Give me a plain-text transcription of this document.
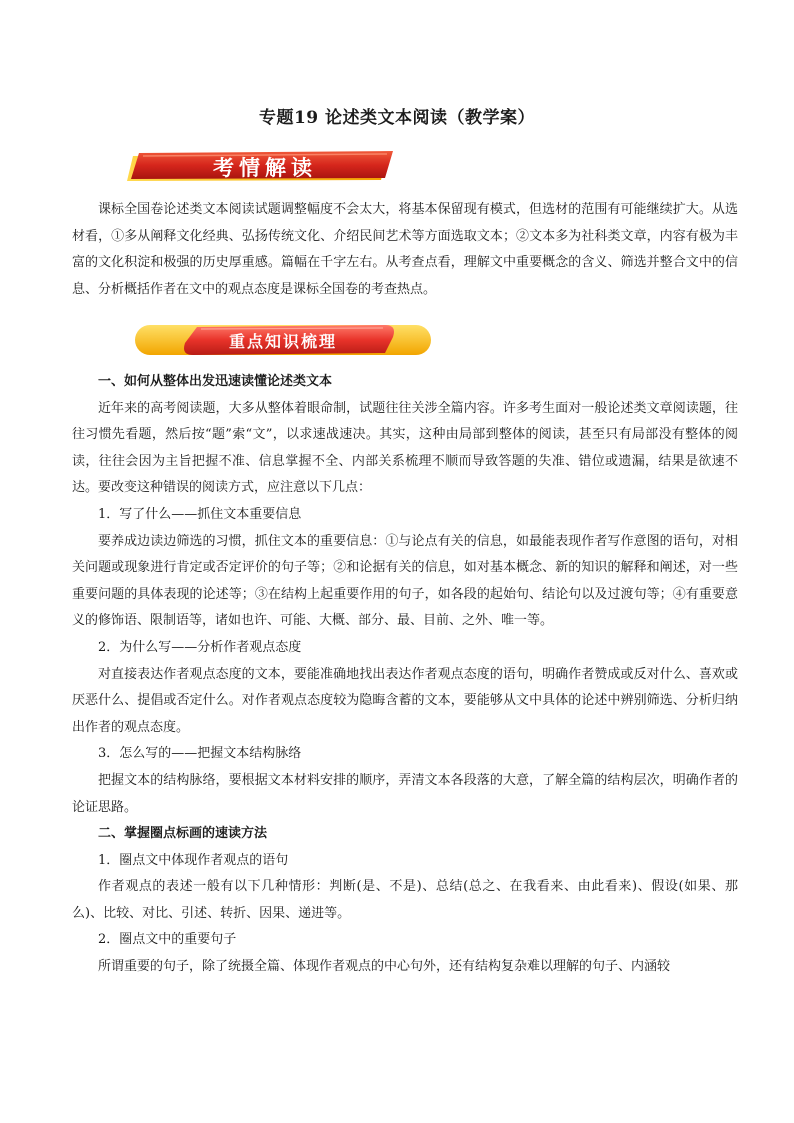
专题19 论述类文本阅读（教学案）
考情解读
课标全国卷论述类文本阅读试题调整幅度不会太大，将基本保留现有模式，但选材的范围有可能继续扩大。从选材看，①多从阐释文化经典、弘扬传统文化、介绍民间艺术等方面选取文本；②文本多为社科类文章，内容有极为丰富的文化积淀和极强的历史厚重感。篇幅在千字左右。从考查点看，理解文中重要概念的含义、筛选并整合文中的信息、分析概括作者在文中的观点态度是课标全国卷的考查热点。
重点知识梳理

一、如何从整体出发迅速读懂论述类文本

近年来的高考阅读题，大多从整体着眼命制，试题往往关涉全篇内容。许多考生面对一般论述类文章阅读题，往往习惯先看题，然后按“题”索“文”，以求速战速决。其实，这种由局部到整体的阅读，甚至只有局部没有整体的阅读，往往会因为主旨把握不准、信息掌握不全、内部关系梳理不顺而导致答题的失准、错位或遗漏，结果是欲速不达。要改变这种错误的阅读方式，应注意以下几点：

1．写了什么——抓住文本重要信息

要养成边读边筛选的习惯，抓住文本的重要信息：①与论点有关的信息，如最能表现作者写作意图的语句，对相关问题或现象进行肯定或否定评价的句子等；②和论据有关的信息，如对基本概念、新的知识的解释和阐述，对一些重要问题的具体表现的论述等；③在结构上起重要作用的句子，如各段的起始句、结论句以及过渡句等；④有重要意义的修饰语、限制语等，诸如也许、可能、大概、部分、最、目前、之外、唯一等。

2．为什么写——分析作者观点态度

对直接表达作者观点态度的文本，要能准确地找出表达作者观点态度的语句，明确作者赞成或反对什么、喜欢或厌恶什么、提倡或否定什么。对作者观点态度较为隐晦含蓄的文本，要能够从文中具体的论述中辨别筛选、分析归纳出作者的观点态度。

3．怎么写的——把握文本结构脉络

把握文本的结构脉络，要根据文本材料安排的顺序，弄清文本各段落的大意，了解全篇的结构层次，明确作者的论证思路。

二、掌握圈点标画的速读方法

1．圈点文中体现作者观点的语句

作者观点的表述一般有以下几种情形：判断(是、不是)、总结(总之、在我看来、由此看来)、假设(如果、那么)、比较、对比、引述、转折、因果、递进等。

2．圈点文中的重要句子

所谓重要的句子，除了统摄全篇、体现作者观点的中心句外，还有结构复杂难以理解的句子、内涵较
